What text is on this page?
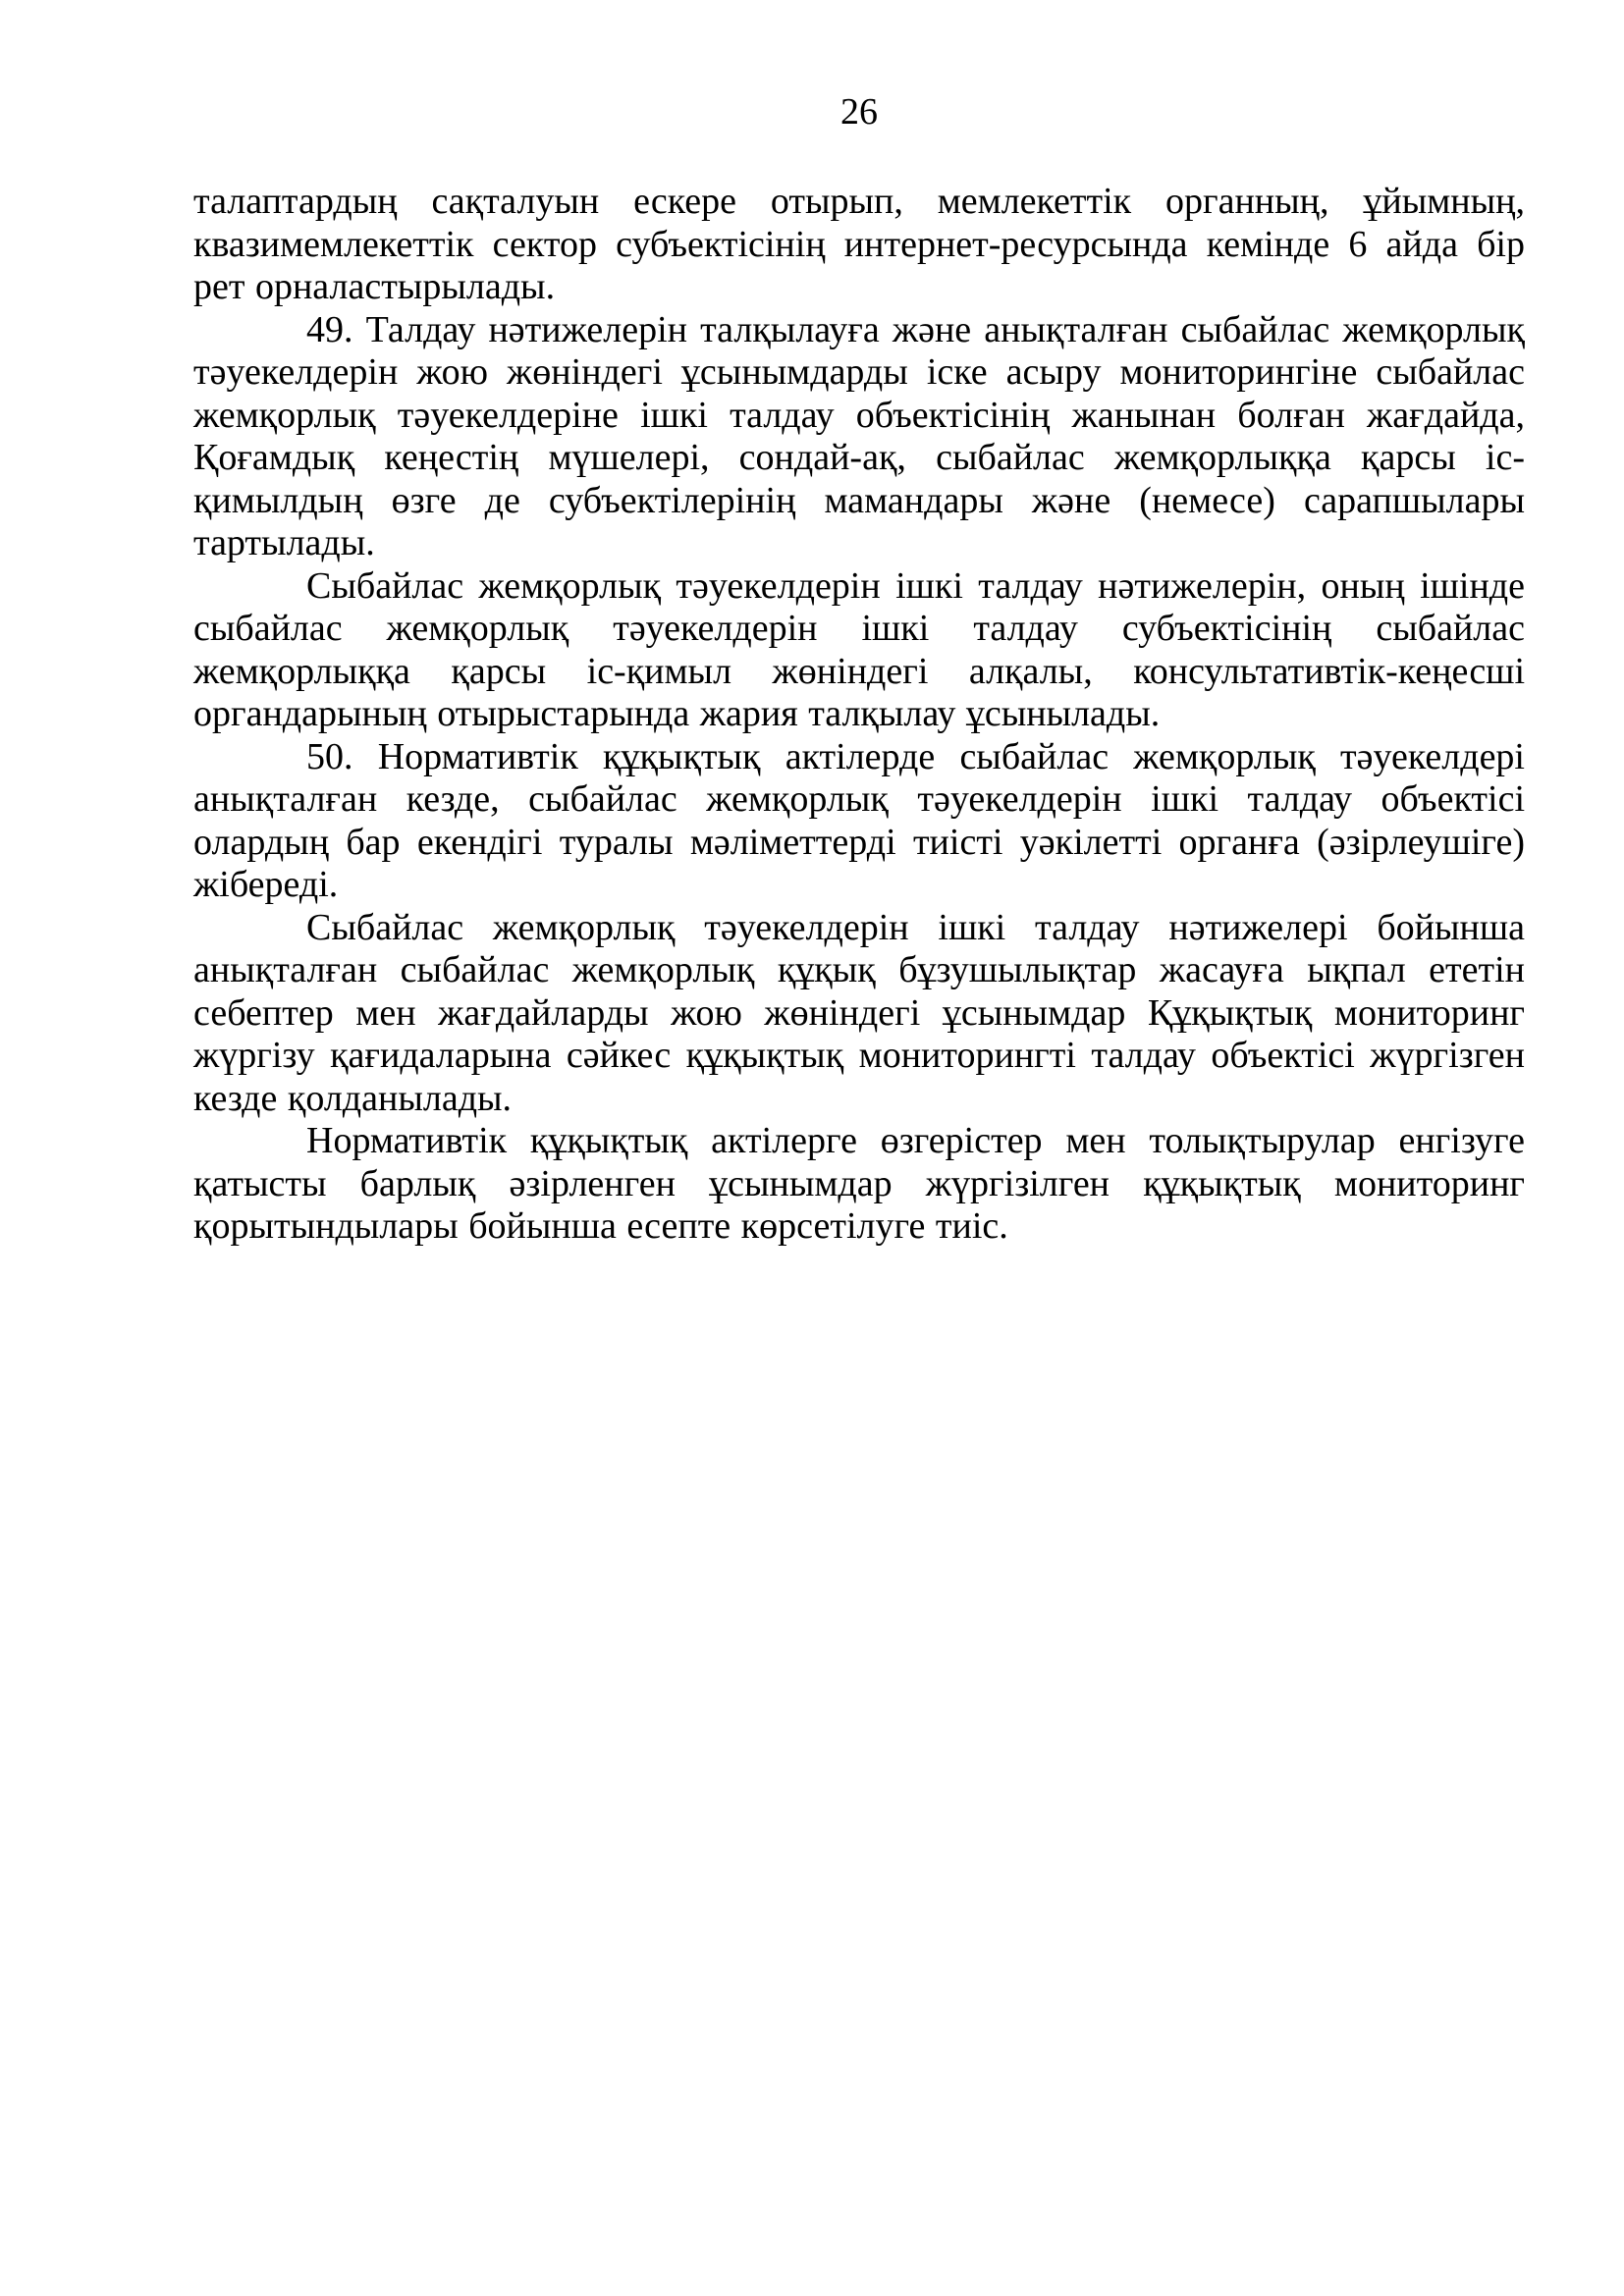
26

талаптардың сақталуын ескере отырып, мемлекеттік органның, ұйымның, квазимемлекеттік сектор субъектісінің интернет-ресурсында кемінде 6 айда бір рет орналастырылады.

49. Талдау нәтижелерін талқылауға және анықталған сыбайлас жемқорлық тәуекелдерін жою жөніндегі ұсынымдарды іске асыру мониторингіне сыбайлас жемқорлық тәуекелдеріне ішкі талдау объектісінің жанынан болған жағдайда, Қоғамдық кеңестің мүшелері, сондай-ақ, сыбайлас жемқорлыққа қарсы іс-қимылдың өзге де субъектілерінің мамандары және (немесе) сарапшылары тартылады.

Сыбайлас жемқорлық тәуекелдерін ішкі талдау нәтижелерін, оның ішінде сыбайлас жемқорлық тәуекелдерін ішкі талдау субъектісінің сыбайлас жемқорлыққа қарсы іс-қимыл жөніндегі алқалы, консультативтік-кеңесші органдарының отырыстарында жария талқылау ұсынылады.

50. Нормативтік құқықтық актілерде сыбайлас жемқорлық тәуекелдері анықталған кезде, сыбайлас жемқорлық тәуекелдерін ішкі талдау объектісі олардың бар екендігі туралы мәліметтерді тиісті уәкілетті органға (әзірлеушіге) жібереді.

Сыбайлас жемқорлық тәуекелдерін ішкі талдау нәтижелері бойынша анықталған сыбайлас жемқорлық құқық бұзушылықтар жасауға ықпал ететін себептер мен жағдайларды жою жөніндегі ұсынымдар Құқықтық мониторинг жүргізу қағидаларына сәйкес құқықтық мониторингті талдау объектісі жүргізген кезде қолданылады.

Нормативтік құқықтық актілерге өзгерістер мен толықтырулар енгізуге қатысты барлық әзірленген ұсынымдар жүргізілген құқықтық мониторинг қорытындылары бойынша есепте көрсетілуге тиіс.
